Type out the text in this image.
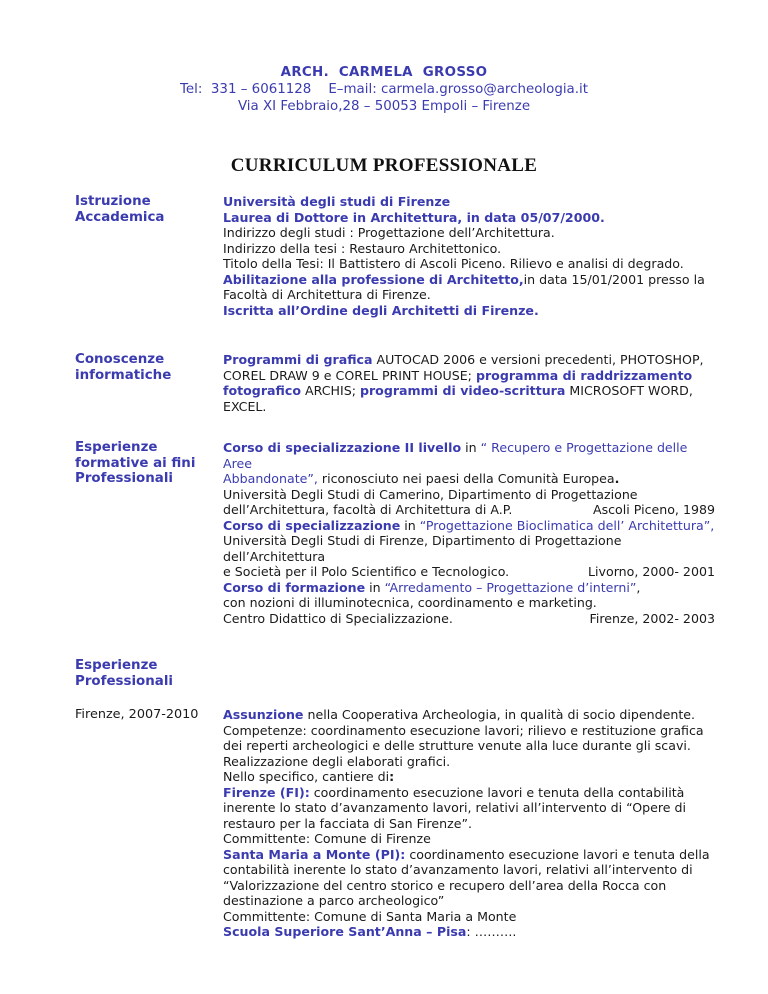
ARCH.  CARMELA  GROSSO
Tel:  331 – 6061128    E–mail: carmela.grosso@archeologia.it
Via XI Febbraio,28 – 50053 Empoli – Firenze
CURRICULUM PROFESSIONALE
Istruzione
Accademica
Università degli studi di Firenze
Laurea di Dottore in Architettura, in data 05/07/2000.
Indirizzo degli studi : Progettazione dell’Architettura.
Indirizzo della tesi : Restauro Architettonico.
Titolo della Tesi: Il Battistero di Ascoli Piceno. Rilievo e analisi di degrado.
Abilitazione alla professione di Architetto,in data 15/01/2001 presso la
Facoltà di Architettura di Firenze.
Iscritta all’Ordine degli Architetti di Firenze.
Conoscenze
informatiche
Programmi di grafica AUTOCAD 2006 e versioni precedenti, PHOTOSHOP,
COREL DRAW 9 e COREL PRINT HOUSE; programma di raddrizzamento
fotografico ARCHIS; programmi di video-scrittura MICROSOFT WORD,
EXCEL.
Esperienze
formative ai fini
Professionali
Corso di specializzazione II livello in “ Recupero e Progettazione delle
Aree
Abbandonate”, riconosciuto nei paesi della Comunità Europea.
Università Degli Studi di Camerino, Dipartimento di Progettazione
dell’Architettura, facoltà di Architettura di A.P.	Ascoli Piceno, 1989
Corso di specializzazione in “Progettazione Bioclimatica dell’ Architettura”,
Università Degli Studi di Firenze, Dipartimento di Progettazione
dell’Architettura
e Società per il Polo Scientifico e Tecnologico.	Livorno, 2000- 2001
Corso di formazione in “Arredamento – Progettazione d’interni”,
con nozioni di illuminotecnica, coordinamento e marketing.
Centro Didattico di Specializzazione.	Firenze, 2002- 2003
Esperienze
Professionali
Firenze, 2007-2010	Assunzione nella Cooperativa Archeologia, in qualità di socio dipendente.
Competenze: coordinamento esecuzione lavori; rilievo e restituzione grafica
dei reperti archeologici e delle strutture venute alla luce durante gli scavi.
Realizzazione degli elaborati grafici.
Nello specifico, cantiere di:
Firenze (FI): coordinamento esecuzione lavori e tenuta della contabilità
inerente lo stato d’avanzamento lavori, relativi all’intervento di “Opere di
restauro per la facciata di San Firenze”.
Committente: Comune di Firenze
Santa Maria a Monte (PI): coordinamento esecuzione lavori e tenuta della
contabilità inerente lo stato d’avanzamento lavori, relativi all’intervento di
“Valorizzazione del centro storico e recupero dell’area della Rocca con
destinazione a parco archeologico”
Committente: Comune di Santa Maria a Monte
Scuola Superiore Sant’Anna – Pisa: ……….
